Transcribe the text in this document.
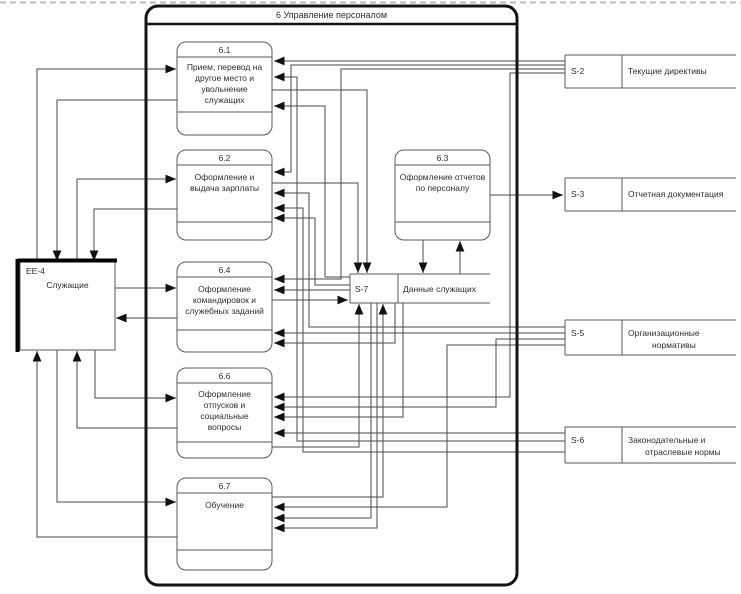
6.1
Прием, перевод на
другое место и
увольнение
служащих
6.2
Оформление и
выдача зарплаты
6.3
Оформление отчетов
по персоналу
6.4
Оформление
командировок и
служебных заданий
6.6
Оформление
отпусков и
социальные
вопросы
6.7
Обучение
EE-4
Служащие	S-7	Данные служащих
S-2	Текущие директивы
S-3	Отчетная документация
S-5	Организационные
нормативы
S-6	Законодательные и
отраслевые нормы
6 Управление персоналом
